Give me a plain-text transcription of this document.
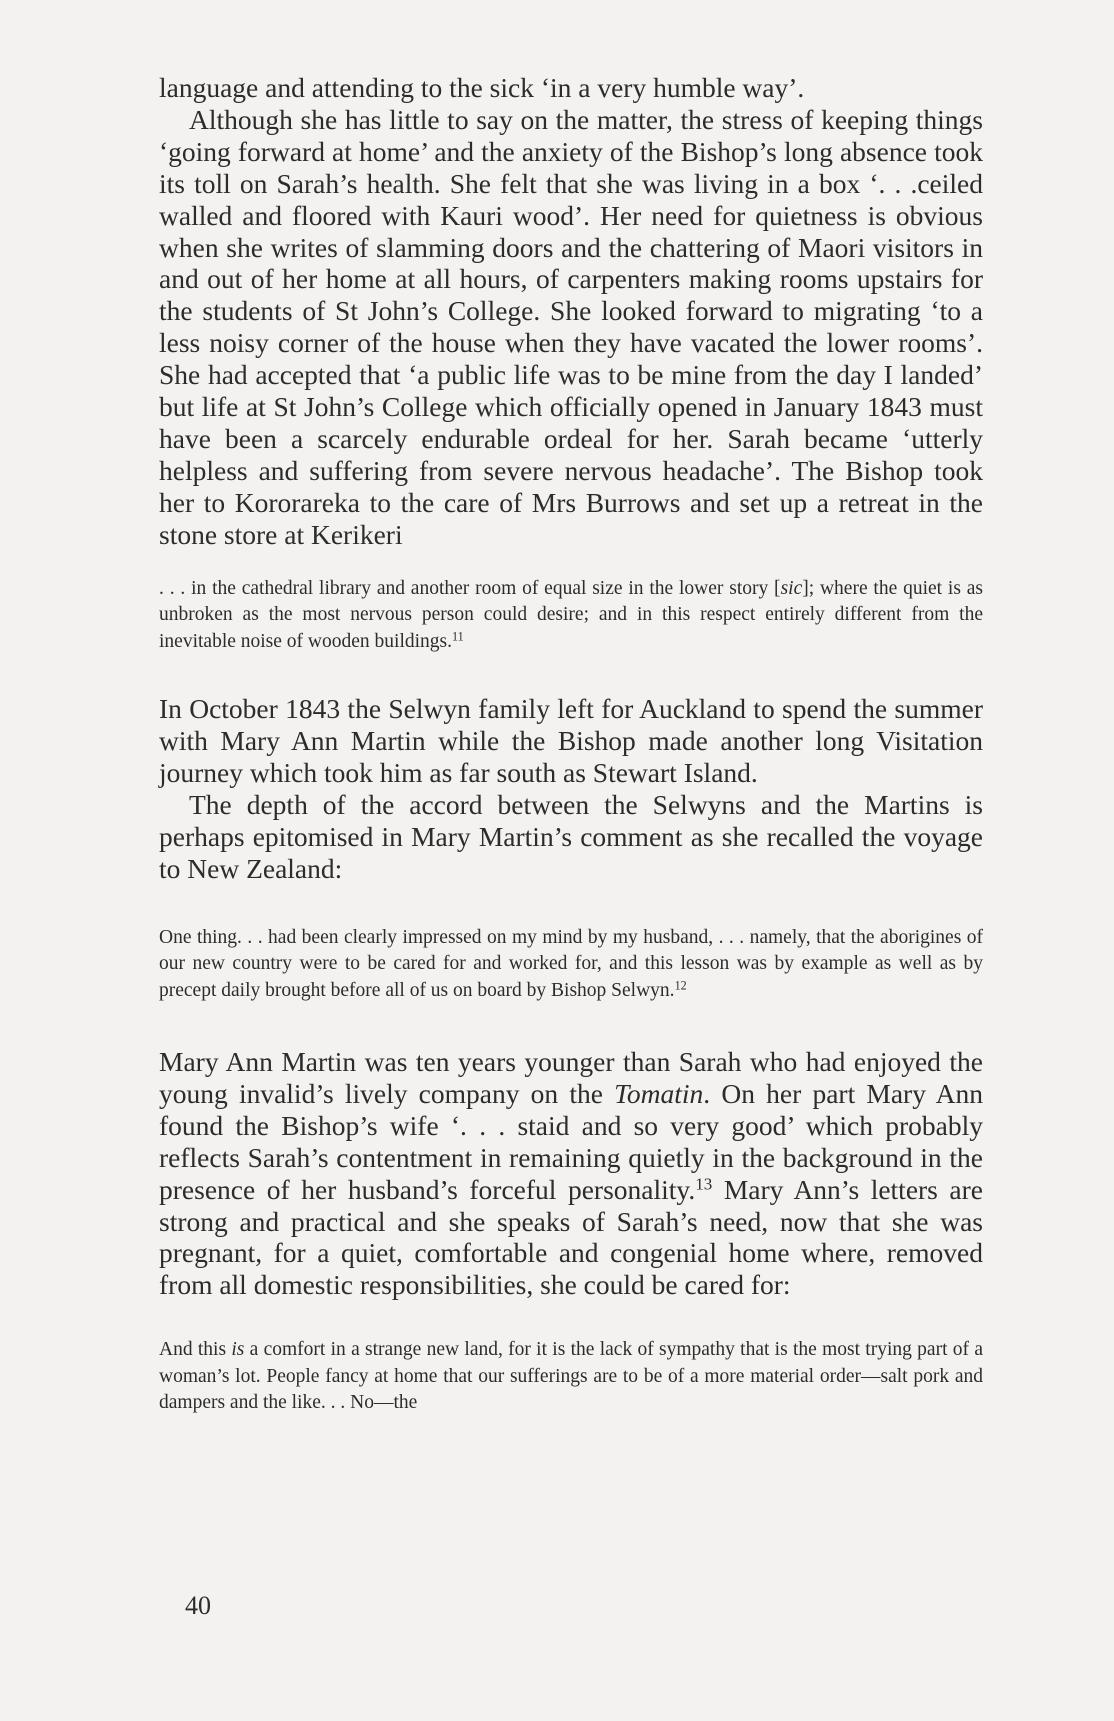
language and attending to the sick ‘in a very humble way’.

Although she has little to say on the matter, the stress of keeping things ‘going forward at home’ and the anxiety of the Bishop’s long absence took its toll on Sarah’s health. She felt that she was living in a box ‘. . .ceiled walled and floored with Kauri wood’. Her need for quietness is obvious when she writes of slamming doors and the chattering of Maori visitors in and out of her home at all hours, of carpenters making rooms upstairs for the students of St John’s College. She looked forward to migrating ‘to a less noisy corner of the house when they have vacated the lower rooms’. She had accepted that ‘a public life was to be mine from the day I landed’ but life at St John’s College which officially opened in January 1843 must have been a scarcely endurable ordeal for her. Sarah became ‘utterly helpless and suffering from severe nervous headache’. The Bishop took her to Kororareka to the care of Mrs Burrows and set up a retreat in the stone store at Kerikeri

. . . in the cathedral library and another room of equal size in the lower story [sic]; where the quiet is as unbroken as the most nervous person could desire; and in this respect entirely different from the inevitable noise of wooden buildings.$^{11}$

In October 1843 the Selwyn family left for Auckland to spend the summer with Mary Ann Martin while the Bishop made another long Visitation journey which took him as far south as Stewart Island.

The depth of the accord between the Selwyns and the Martins is perhaps epitomised in Mary Martin’s comment as she recalled the voyage to New Zealand:

One thing. . . had been clearly impressed on my mind by my husband, . . . namely, that the aborigines of our new country were to be cared for and worked for, and this lesson was by example as well as by precept daily brought before all of us on board by Bishop Selwyn.$^{12}$

Mary Ann Martin was ten years younger than Sarah who had enjoyed the young invalid’s lively company on the Tomatin. On her part Mary Ann found the Bishop’s wife ‘. . . staid and so very good’ which probably reflects Sarah’s contentment in remaining quietly in the background in the presence of her husband’s forceful personality.$^{13}$ Mary Ann’s letters are strong and practical and she speaks of Sarah’s need, now that she was pregnant, for a quiet, comfortable and congenial home where, removed from all domestic responsibilities, she could be cared for:

And this is a comfort in a strange new land, for it is the lack of sympathy that is the most trying part of a woman’s lot. People fancy at home that our sufferings are to be of a more material order—salt pork and dampers and the like. . . No—the

40
